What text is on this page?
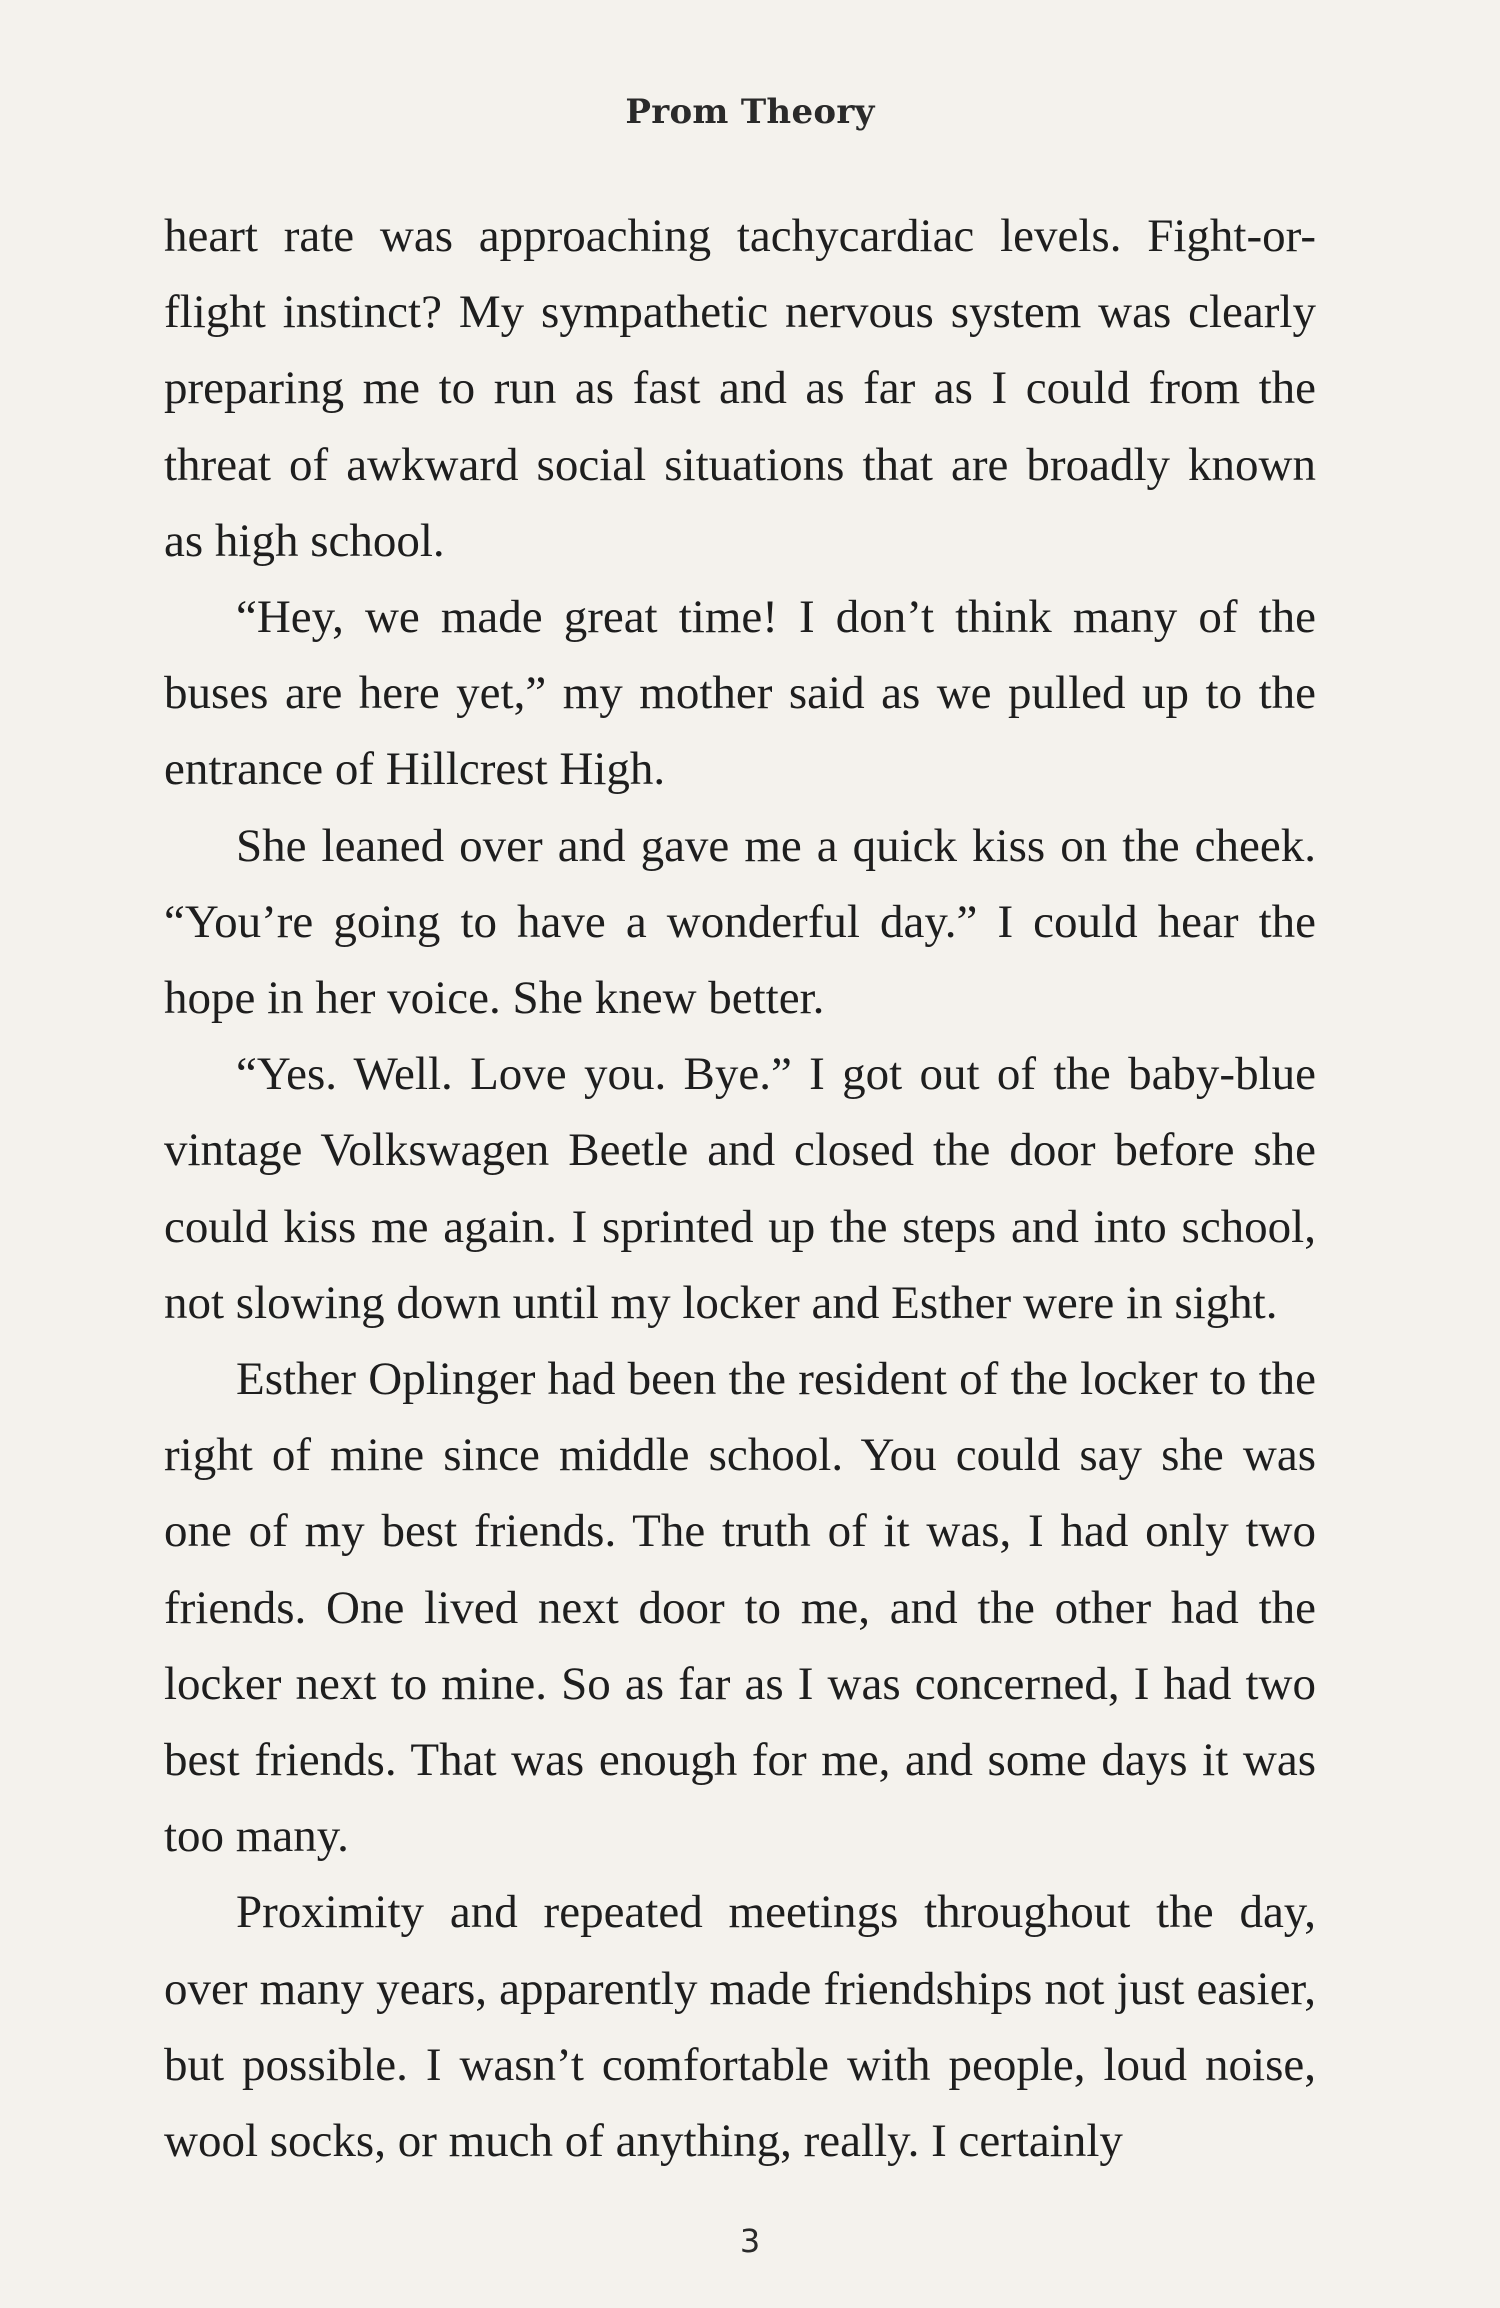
Prom Theory

heart rate was approaching tachycardiac levels. Fight-or-flight instinct? My sympathetic nervous system was clearly preparing me to run as fast and as far as I could from the threat of awkward social situations that are broadly known as high school.

“Hey, we made great time! I don’t think many of the buses are here yet,” my mother said as we pulled up to the entrance of Hillcrest High.

She leaned over and gave me a quick kiss on the cheek. “You’re going to have a wonderful day.” I could hear the hope in her voice. She knew better.

“Yes. Well. Love you. Bye.” I got out of the baby-blue vintage Volkswagen Beetle and closed the door before she could kiss me again. I sprinted up the steps and into school, not slowing down until my locker and Esther were in sight.

Esther Oplinger had been the resident of the locker to the right of mine since middle school. You could say she was one of my best friends. The truth of it was, I had only two friends. One lived next door to me, and the other had the locker next to mine. So as far as I was concerned, I had two best friends. That was enough for me, and some days it was too many.

Proximity and repeated meetings throughout the day, over many years, apparently made friendships not just easier, but possible. I wasn’t comfortable with people, loud noise, wool socks, or much of anything, really. I certainly

3
